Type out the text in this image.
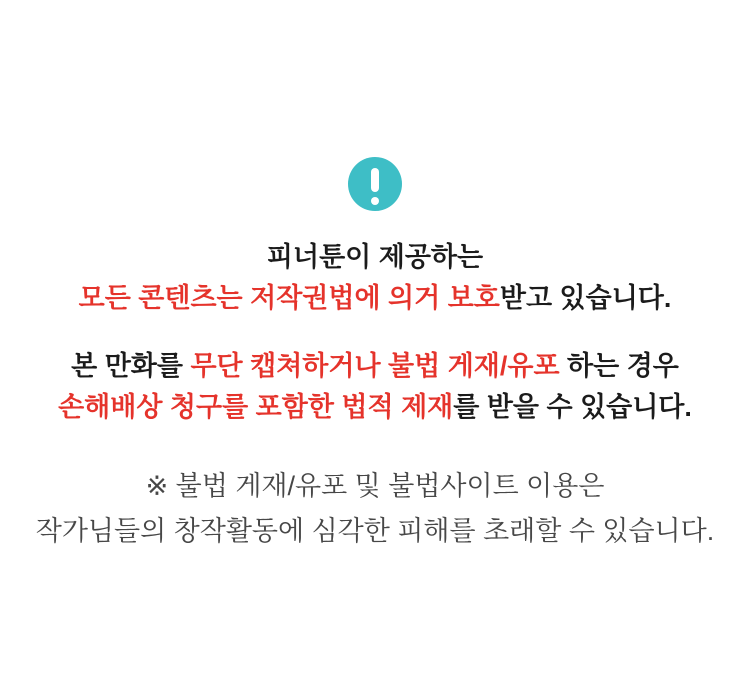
피너툰이 제공하는
모든 콘텐츠는 저작권법에 의거 보호받고 있습니다.

본 만화를 무단 캡쳐하거나 불법 게재/유포 하는 경우
손해배상 청구를 포함한 법적 제재를 받을 수 있습니다.

※ 불법 게재/유포 및 불법사이트 이용은
작가님들의 창작활동에 심각한 피해를 초래할 수 있습니다.
